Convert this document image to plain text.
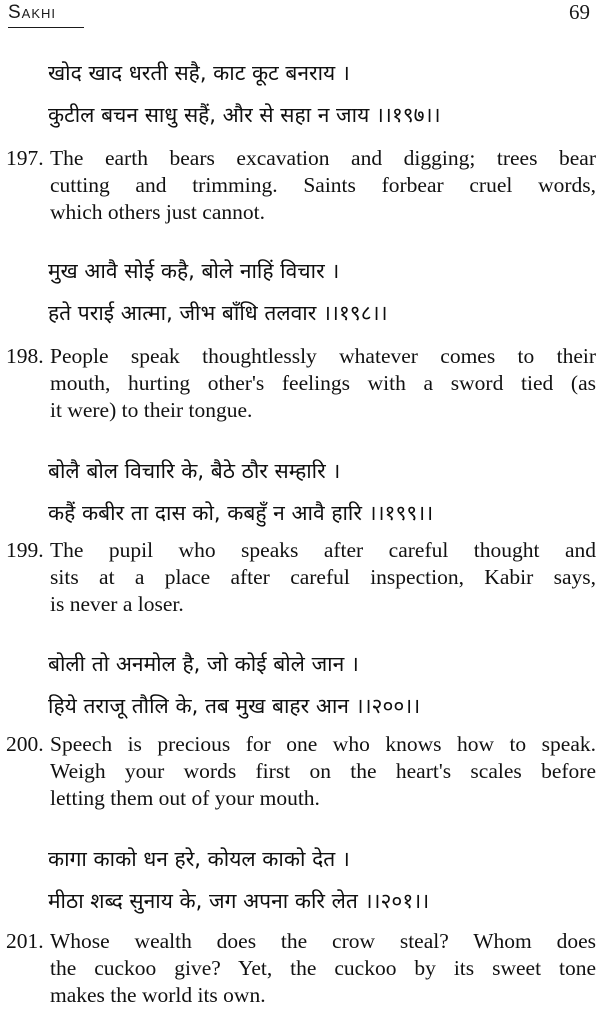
Sakhi	69
खोद खाद धरती सहै, काट कूट बनराय ।
कुटील बचन साधु सहैं, और से सहा न जाय ।।१९७।।
197. The earth bears excavation and digging; trees bear
cutting and trimming. Saints forbear cruel words,
which others just cannot.
मुख आवै सोई कहै, बोले नाहिं विचार ।
हते पराई आत्मा, जीभ बाँधि तलवार ।।१९८।।
198. People speak thoughtlessly whatever comes to their
mouth, hurting other's feelings with a sword tied (as
it were) to their tongue.
बोलै बोल विचारि के, बैठे ठौर सम्हारि ।
कहैं कबीर ता दास को, कबहुँ न आवै हारि ।।१९९।।
199. The pupil who speaks after careful thought and
sits at a place after careful inspection, Kabir says,
is never a loser.
बोली तो अनमोल है, जो कोई बोले जान ।
हिये तराजू तौलि के, तब मुख बाहर आन ।।२००।।
200. Speech is precious for one who knows how to speak.
Weigh your words first on the heart's scales before
letting them out of your mouth.
कागा काको धन हरे, कोयल काको देत ।
मीठा शब्द सुनाय के, जग अपना करि लेत ।।२०१।।
201. Whose wealth does the crow steal? Whom does
the cuckoo give? Yet, the cuckoo by its sweet tone
makes the world its own.
